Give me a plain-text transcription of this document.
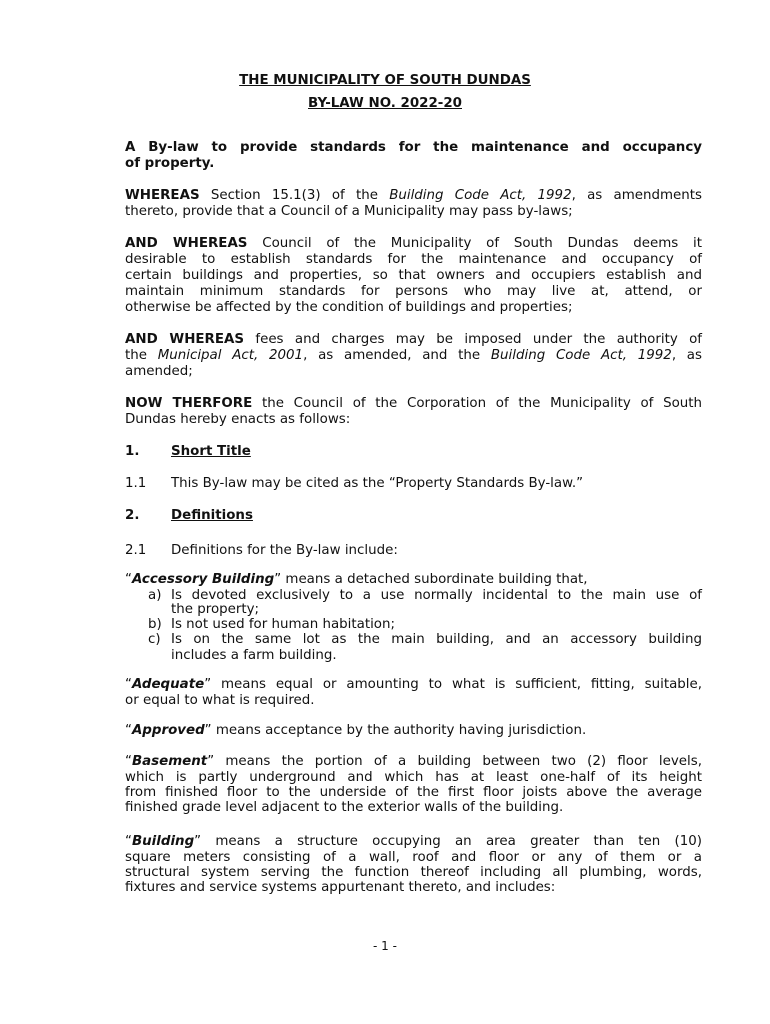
THE MUNICIPALITY OF SOUTH DUNDAS
BY-LAW NO. 2022-20
A By-law to provide standards for the maintenance and occupancy
of property.
WHEREAS Section 15.1(3) of the Building Code Act, 1992, as amendments
thereto, provide that a Council of a Municipality may pass by-laws;
AND WHEREAS Council of the Municipality of South Dundas deems it
desirable to establish standards for the maintenance and occupancy of
certain buildings and properties, so that owners and occupiers establish and
maintain minimum standards for persons who may live at, attend, or
otherwise be affected by the condition of buildings and properties;
AND WHEREAS fees and charges may be imposed under the authority of
the Municipal Act, 2001, as amended, and the Building Code Act, 1992, as
amended;
NOW THERFORE the Council of the Corporation of the Municipality of South
Dundas hereby enacts as follows:
1. Short Title
1.1 This By-law may be cited as the “Property Standards By-law.”
2. Definitions
2.1 Definitions for the By-law include:
“Accessory Building” means a detached subordinate building that,
a) Is devoted exclusively to a use normally incidental to the main use of
the property;
b) Is not used for human habitation;
c) Is on the same lot as the main building, and an accessory building
includes a farm building.
“Adequate” means equal or amounting to what is sufficient, fitting, suitable,
or equal to what is required.
“Approved” means acceptance by the authority having jurisdiction.
“Basement” means the portion of a building between two (2) floor levels,
which is partly underground and which has at least one-half of its height
from finished floor to the underside of the first floor joists above the average
finished grade level adjacent to the exterior walls of the building.
“Building” means a structure occupying an area greater than ten (10)
square meters consisting of a wall, roof and floor or any of them or a
structural system serving the function thereof including all plumbing, words,
fixtures and service systems appurtenant thereto, and includes:
- 1 -
